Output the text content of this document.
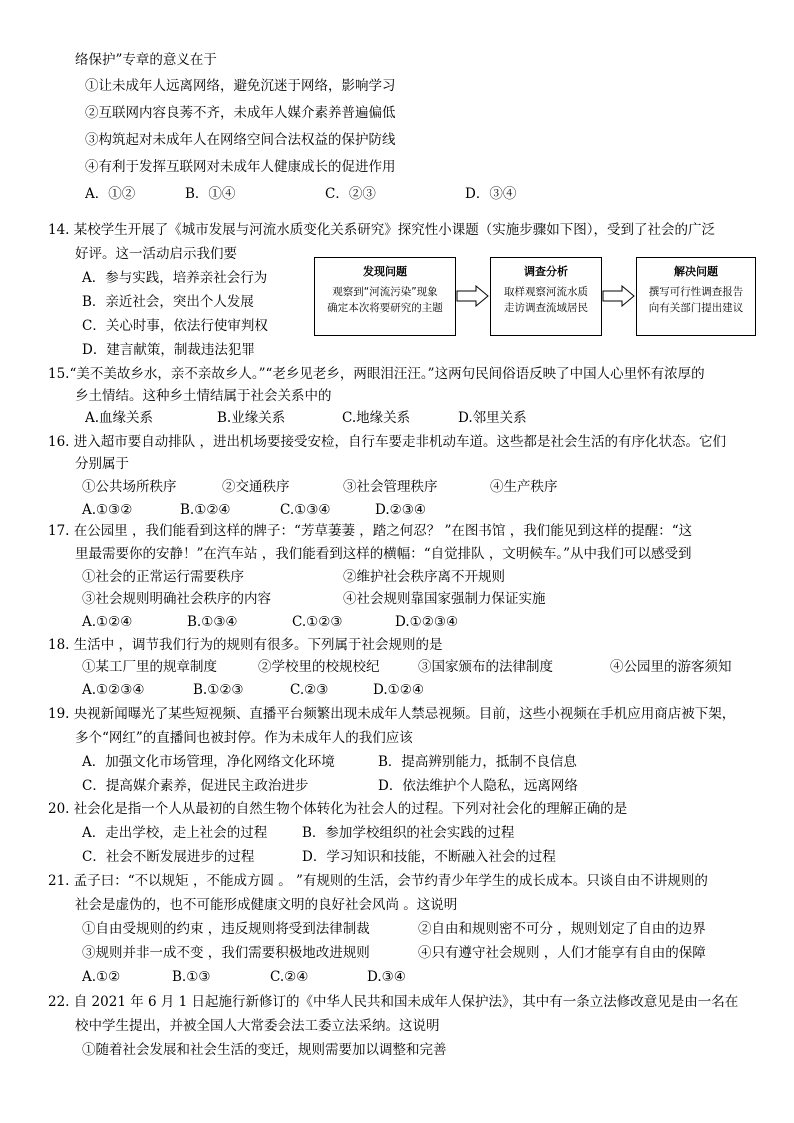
络保护”专章的意义在于
①让未成年人远离网络，避免沉迷于网络，影响学习
②互联网内容良莠不齐，未成年人媒介素养普遍偏低
③构筑起对未成年人在网络空间合法权益的保护防线
④有利于发挥互联网对未成年人健康成长的促进作用
A．①②	B．①④	C．②③	D．③④
14. 某校学生开展了《城市发展与河流水质变化关系研究》探究性小课题（实施步骤如下图），受到了社会的广泛
好评。这一活动启示我们要
A．参与实践，培养亲社会行为
B．亲近社会，突出个人发展
C．关心时事，依法行使审判权
D．建言献策，制裁违法犯罪
发现问题
观察到“河流污染”现象
确定本次将要研究的主题
调查分析
取样观察河流水质
走访调查流域居民
解决问题
撰写可行性调查报告
向有关部门提出建议
15.“美不美故乡水，亲不亲故乡人。”“老乡见老乡，两眼泪汪汪。”这两句民间俗语反映了中国人心里怀有浓厚的
乡土情结。这种乡土情结属于社会关系中的
A.血缘关系	B.业缘关系	C.地缘关系	D.邻里关系
16. 进入超市要自动排队 ，进出机场要接受安检，自行车要走非机动车道。这些都是社会生活的有序化状态。它们
分别属于
①公共场所秩序	②交通秩序	③社会管理秩序	④生产秩序
A.①③②	B.①②④	C.①③④	D.②③④
17. 在公园里 ，我们能看到这样的牌子：“芳草萋萋 ，踏之何忍？ ”在图书馆 ，我们能见到这样的提醒：“这
里最需要你的安静！”在汽车站 ，我们能看到这样的横幅：“自觉排队 ，文明候车。”从中我们可以感受到
①社会的正常运行需要秩序	②维护社会秩序离不开规则
③社会规则明确社会秩序的内容	④社会规则靠国家强制力保证实施
A.①②④	B.①③④	C.①②③	D.①②③④
18. 生活中 ，调节我们行为的规则有很多。下列属于社会规则的是
①某工厂里的规章制度	②学校里的校规校纪	③国家颁布的法律制度	④公园里的游客须知
A.①②③④	B.①②③	C.②③	D.①②④
19. 央视新闻曝光了某些短视频、直播平台频繁出现未成年人禁忌视频。目前，这些小视频在手机应用商店被下架，
多个“网红”的直播间也被封停。作为未成年人的我们应该
A．加强文化市场管理，净化网络文化环境	B．提高辨别能力，抵制不良信息
C．提高媒介素养，促进民主政治进步	D．依法维护个人隐私，远离网络
20. 社会化是指一个人从最初的自然生物个体转化为社会人的过程。下列对社会化的理解正确的是
A．走出学校，走上社会的过程	B．参加学校组织的社会实践的过程
C．社会不断发展进步的过程	D．学习知识和技能，不断融入社会的过程
21. 孟子曰：“不以规矩 ，不能成方圆 。 ”有规则的生活，会节约青少年学生的成长成本。只谈自由不讲规则的
社会是虚伪的，也不可能形成健康文明的良好社会风尚 。这说明
①自由受规则的约束 ，违反规则将受到法律制裁	②自由和规则密不可分 ，规则划定了自由的边界
③规则并非一成不变 ，我们需要积极地改进规则	④只有遵守社会规则 ，人们才能享有自由的保障
A.①②	B.①③	C.②④	D.③④
22. 自 2021 年 6 月 1 日起施行新修订的《中华人民共和国未成年人保护法》，其中有一条立法修改意见是由一名在
校中学生提出，并被全国人大常委会法工委立法采纳。这说明
①随着社会发展和社会生活的变迁，规则需要加以调整和完善
